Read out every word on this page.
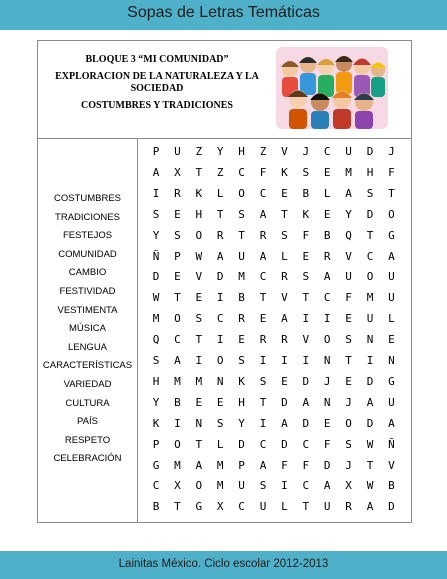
Sopas de Letras Temáticas
BLOQUE 3 “MI COMUNIDAD”
EXPLORACION DE LA NATURALEZA Y LA SOCIEDAD
COSTUMBRES Y TRADICIONES
COSTUMBRES
TRADICIONES
FESTEJOS
COMUNIDAD
CAMBIO
FESTIVIDAD
VESTIMENTA
MÚSICA
LENGUA
CARACTERÍSTICAS
VARIEDAD
CULTURA
PAÍS
RESPETO
CELEBRACIÓN
P	U	Z	Y	H	Z	V	J	C	U	D	J
A	X	T	Z	C	F	K	S	E	M	H	F
I	R	K	L	O	C	E	B	L	A	S	T
S	E	H	T	S	A	T	K	E	Y	D	O
Y	S	O	R	T	R	S	F	B	Q	T	G
Ñ	P	W	A	U	A	L	E	R	V	C	A
D	E	V	D	M	C	R	S	A	U	O	U
W	T	E	I	B	T	V	T	C	F	M	U
M	O	S	C	R	E	A	I	I	E	U	L
Q	C	T	I	E	R	R	V	O	S	N	E
S	A	I	O	S	I	I	I	N	T	I	N
H	M	M	N	K	S	E	D	J	E	D	G
Y	B	E	E	H	T	D	A	N	J	A	U
K	I	N	S	Y	I	A	D	E	O	D	A
P	O	T	L	D	C	D	C	F	S	W	Ñ
G	M	A	M	P	A	F	F	D	J	T	V
C	X	O	M	U	S	I	C	A	X	W	B
B	T	G	X	C	U	L	T	U	R	A	D
Lainitas México. Ciclo escolar 2012-2013
